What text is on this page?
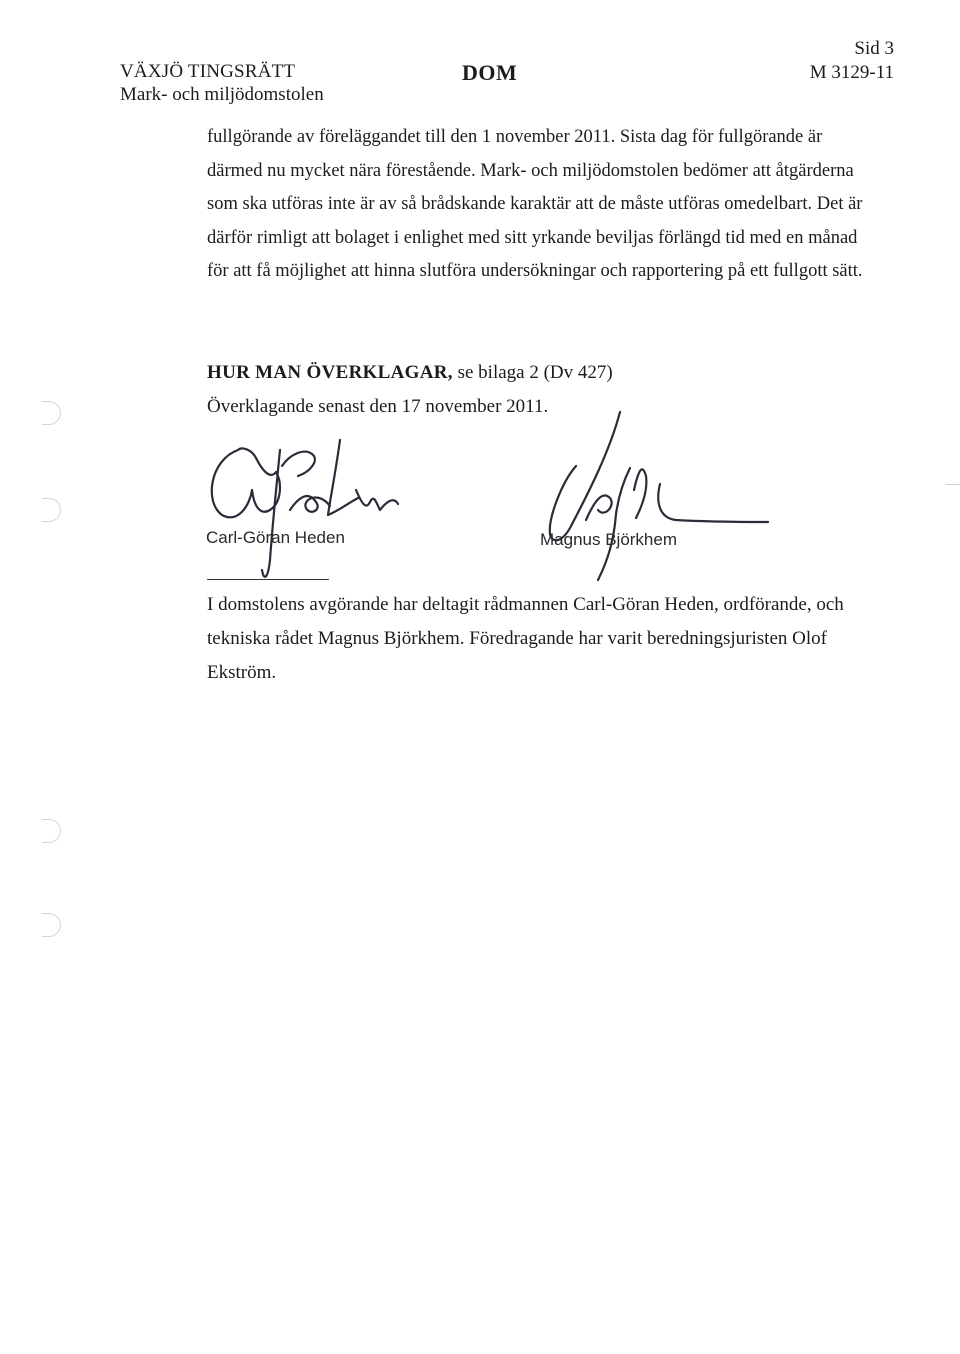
VÄXJÖ TINGSRÄTT
Mark- och miljödomstolen
DOM
Sid 3
M 3129-11
fullgörande av föreläggandet till den 1 november 2011. Sista dag för fullgörande är därmed nu mycket nära förestående. Mark- och miljödomstolen bedömer att åtgärderna som ska utföras inte är av så brådskande karaktär att de måste utföras omedelbart. Det är därför rimligt att bolaget i enlighet med sitt yrkande beviljas förlängd tid med en månad för att få möjlighet att hinna slutföra undersökningar och rapportering på ett fullgott sätt.
HUR MAN ÖVERKLAGAR, se bilaga 2 (Dv 427)
Överklagande senast den 17 november 2011.
Carl-Göran Heden	Magnus Björkhem
I domstolens avgörande har deltagit rådmannen Carl-Göran Heden, ordförande, och tekniska rådet Magnus Björkhem. Föredragande har varit beredningsjuristen Olof Ekström.
